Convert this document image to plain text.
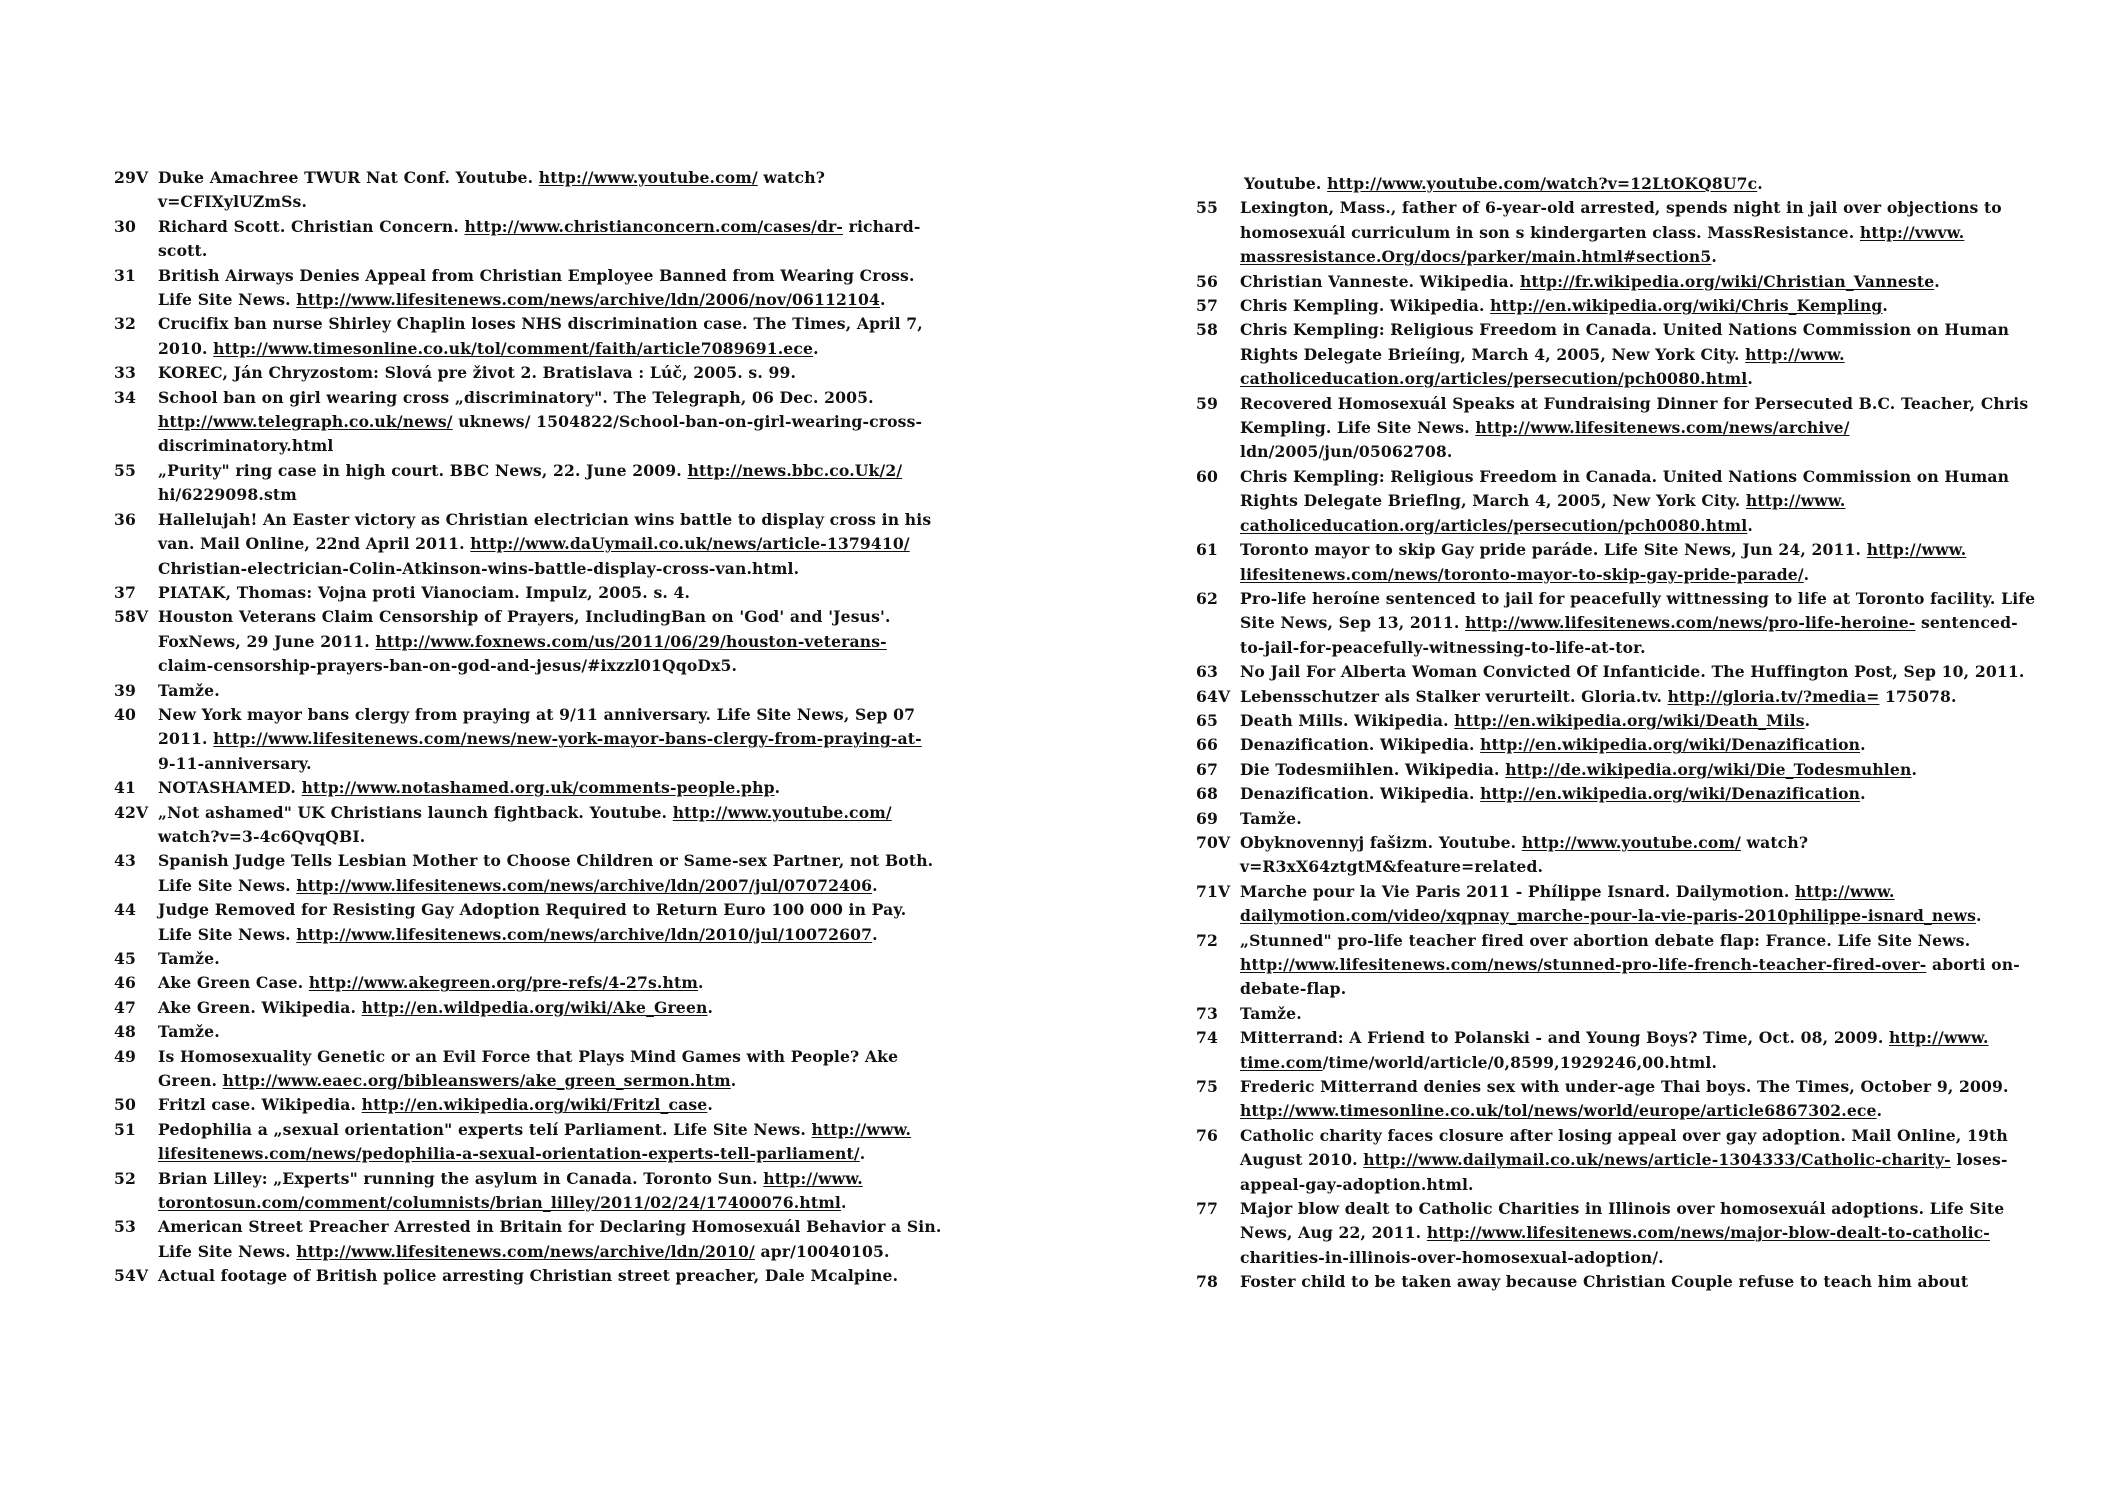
29V Duke Amachree TWUR Nat Conf. Youtube. http://www.youtube.com/ watch?v=CFIXylUZmSs.
30	Richard Scott. Christian Concern. http://www.christianconcern.com/cases/dr- richard-scott.
31	British Airways Denies Appeal from Christian Employee Banned from Wearing Cross. Life Site News. http://www.lifesitenews.com/news/archive/ldn/2006/nov/06112104.
32	Crucifix ban nurse Shirley Chaplin loses NHS discrimination case. The Times, April 7, 2010. http://www.timesonline.co.uk/tol/comment/faith/article7089691.ece.
33	KOREC, Ján Chryzostom: Slová pre život 2. Bratislava : Lúč, 2005. s. 99.
34	School ban on girl wearing cross „discriminatory". The Telegraph, 06 Dec. 2005. http://www.telegraph.co.uk/news/ uknews/ 1504822/School-ban-on-girl-wearing-cross-discriminatory.html
55	„Purity" ring case in high court. BBC News, 22. June 2009. http://news.bbc.co.Uk/2/ hi/6229098.stm
36	Hallelujah! An Easter victory as Christian electrician wins battle to display cross in his van. Mail Online, 22nd April 2011. http://www.daUymail.co.uk/news/article-1379410/ Christian-electrician-Colin-Atkinson-wins-battle-display-cross-van.html.
37	PIATAK, Thomas: Vojna proti Vianociam. Impulz, 2005. s. 4.
58V Houston Veterans Claim Censorship of Prayers, IncludingBan on 'God' and 'Jesus'. FoxNews, 29 June 2011. http://www.foxnews.com/us/2011/06/29/houston-veterans- claim-censorship-prayers-ban-on-god-and-jesus/#ixzzl01QqoDx5.
39	Tamže.
40	New York mayor bans clergy from praying at 9/11 anniversary. Life Site News, Sep 07 2011. http://www.lifesitenews.com/news/new-york-mayor-bans-clergy-from-praying-at- 9-11-anniversary.
41	NOTASHAMED. http://www.notashamed.org.uk/comments-people.php.
42V „Not ashamed" UK Christians launch fightback. Youtube. http://www.youtube.com/ watch?v=3-4c6QvqQBI.
43	Spanish Judge Tells Lesbian Mother to Choose Children or Same-sex Partner, not Both. Life Site News. http://www.lifesitenews.com/news/archive/ldn/2007/jul/07072406.
44	Judge Removed for Resisting Gay Adoption Required to Return Euro 100 000 in Pay. Life Site News. http://www.lifesitenews.com/news/archive/ldn/2010/jul/10072607.
45	Tamže.
46	Ake Green Case. http://www.akegreen.org/pre-refs/4-27s.htm.
47	Ake Green. Wikipedia. http://en.wildpedia.org/wiki/Ake_Green.
48	Tamže.
49	Is Homosexuality Genetic or an Evil Force that Plays Mind Games with People? Ake Green. http://www.eaec.org/bibleanswers/ake_green_sermon.htm.
50	Fritzl case. Wikipedia. http://en.wikipedia.org/wiki/Fritzl_case.
51	Pedophilia a „sexual orientation" experts telí Parliament. Life Site News. http://www. lifesitenews.com/news/pedophilia-a-sexual-orientation-experts-tell-parliament/.
52	Brian Lilley: „Experts" running the asylum in Canada. Toronto Sun. http://www. torontosun.com/comment/columnists/brian_lilley/2011/02/24/17400076.html.
53	American Street Preacher Arrested in Britain for Declaring Homosexuál Behavior a Sin. Life Site News. http://www.lifesitenews.com/news/archive/ldn/2010/ apr/10040105.
54V Actual footage of British police arresting Christian street preacher, Dale Mcalpine.
Youtube. http://www.youtube.com/watch?v=12LtOKQ8U7c.
55	Lexington, Mass., father of 6-year-old arrested, spends night in jail over objections to homosexuál curriculum in son s kindergarten class. MassResistance. http://vwvw. massresistance.Org/docs/parker/main.html#section5.
56	Christian Vanneste. Wikipedia. http://fr.wikipedia.org/wiki/Christian_Vanneste.
57	Chris Kempling. Wikipedia. http://en.wikipedia.org/wiki/Chris_Kempling.
58	Chris Kempling: Religious Freedom in Canada. United Nations Commission on Human Rights Delegate Brieíing, March 4, 2005, New York City. http://www. catholiceducation.org/articles/persecution/pch0080.html.
59	Recovered Homosexuál Speaks at Fundraising Dinner for Persecuted B.C. Teacher, Chris Kempling. Life Site News. http://www.lifesitenews.com/news/archive/ ldn/2005/jun/05062708.
60	Chris Kempling: Religious Freedom in Canada. United Nations Commission on Human Rights Delegate Brieflng, March 4, 2005, New York City. http://www. catholiceducation.org/articles/persecution/pch0080.html.
61	Toronto mayor to skip Gay pride paráde. Life Site News, Jun 24, 2011. http://www. lifesitenews.com/news/toronto-mayor-to-skip-gay-pride-parade/.
62	Pro-life heroíne sentenced to jail for peacefully wittnessing to life at Toronto facility. Life Site News, Sep 13, 2011. http://www.lifesitenews.com/news/pro-life-heroine- sentenced-to-jail-for-peacefully-witnessing-to-life-at-tor.
63	No Jail For Alberta Woman Convicted Of Infanticide. The Huffington Post, Sep 10, 2011.
64V Lebensschutzer als Stalker verurteilt. Gloria.tv. http://gloria.tv/?media= 175078.
65	Death Mills. Wikipedia. http://en.wikipedia.org/wiki/Death_Mils.
66	Denazification. Wikipedia. http://en.wikipedia.org/wiki/Denazification.
67	Die Todesmiihlen. Wikipedia. http://de.wikipedia.org/wiki/Die_Todesmuhlen.
68	Denazification. Wikipedia. http://en.wikipedia.org/wiki/Denazification.
69	Tamže.
70V Obyknovennyj fašizm. Youtube. http://www.youtube.com/ watch?v=R3xX64ztgtM&feature=related.
71V Marche pour la Vie Paris 2011 - Phílippe Isnard. Dailymotion. http://www. dailymotion.com/video/xqpnay_marche-pour-la-vie-paris-2010philippe-isnard_news.
72	„Stunned" pro-life teacher fired over abortion debate flap: France. Life Site News. http://www.lifesitenews.com/news/stunned-pro-life-french-teacher-fired-over- aborti on-debate-flap.
73	Tamže.
74	Mitterrand: A Friend to Polanski - and Young Boys? Time, Oct. 08, 2009. http://www. time.com/time/world/article/0,8599,1929246,00.html.
75	Frederic Mitterrand denies sex with under-age Thai boys. The Times, October 9, 2009. http://www.timesonline.co.uk/tol/news/world/europe/article6867302.ece.
76	Catholic charity faces closure after losing appeal over gay adoption. Mail Online, 19th August 2010. http://www.dailymail.co.uk/news/article-1304333/Catholic-charity- loses-appeal-gay-adoption.html.
77	Major blow dealt to Catholic Charities in Illinois over homosexuál adoptions. Life Site News, Aug 22, 2011. http://www.lifesitenews.com/news/major-blow-dealt-to-catholic- charities-in-illinois-over-homosexual-adoption/.
78	Foster child to be taken away because Christian Couple refuse to teach him about
